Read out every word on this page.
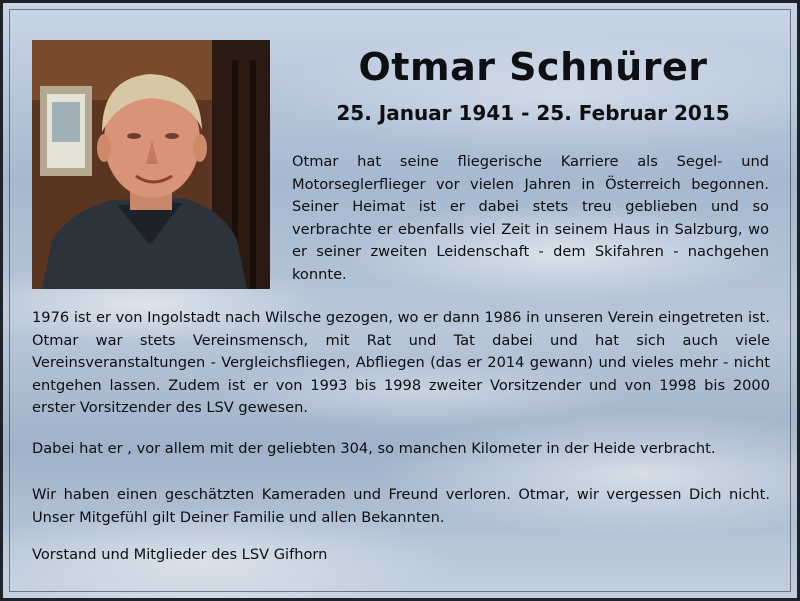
Otmar Schnürer
25. Januar 1941 - 25. Februar 2015

Otmar hat seine fliegerische Karriere als Segel- und Motorseglerflieger vor vielen Jahren in Österreich begonnen. Seiner Heimat ist er dabei stets treu geblieben und so verbrachte er ebenfalls viel Zeit in seinem Haus in Salzburg, wo er seiner zweiten Leidenschaft - dem Skifahren - nachgehen konnte.

1976 ist er von Ingolstadt nach Wilsche gezogen, wo er dann 1986 in unseren Verein eingetreten ist. Otmar war stets Vereinsmensch, mit Rat und Tat dabei und hat sich auch viele Vereinsveranstaltungen - Vergleichsfliegen, Abfliegen (das er 2014 gewann) und vieles mehr - nicht entgehen lassen. Zudem ist er von 1993 bis 1998 zweiter Vorsitzender und von 1998 bis 2000 erster Vorsitzender des LSV gewesen.

Dabei hat er , vor allem mit der geliebten 304, so manchen Kilometer in der Heide verbracht.

Wir haben einen geschätzten Kameraden und Freund verloren. Otmar, wir vergessen Dich nicht. Unser Mitgefühl gilt Deiner Familie und allen Bekannten.

Vorstand und Mitglieder des LSV Gifhorn
